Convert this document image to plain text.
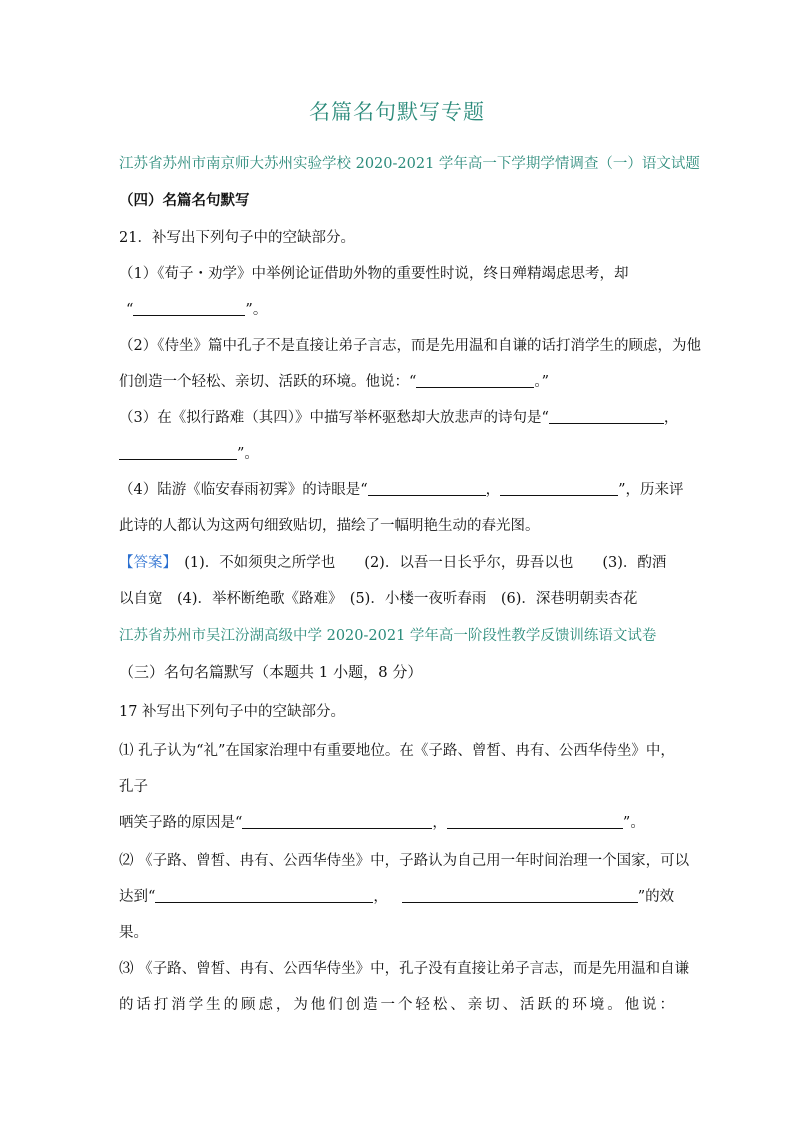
名篇名句默写专题
江苏省苏州市南京师大苏州实验学校 2020-2021 学年高一下学期学情调查（一）语文试题
（四）名篇名句默写
21．补写出下列句子中的空缺部分。
（1）《荀子・劝学》中举例论证借助外物的重要性时说，终日殚精竭虑思考，却
“	”。
（2）《侍坐》篇中孔子不是直接让弟子言志，而是先用温和自谦的话打消学生的顾虑，为他
们创造一个轻松、亲切、活跃的环境。他说：“	。”
（3）在《拟行路难（其四）》中描写举杯驱愁却大放悲声的诗句是“	，
”。
（4）陆游《临安春雨初霁》的诗眼是“	，	”，历来评
此诗的人都认为这两句细致贴切，描绘了一幅明艳生动的春光图。
【答案】　 (1)．不如须臾之所学也　　(2)．以吾一日长乎尔，毋吾以也　　(3)．酌酒
以自宽　(4)．举杯断绝歌《路难》　(5)．小楼一夜听春雨　(6)．深巷明朝卖杏花
江苏省苏州市吴江汾湖高级中学 2020-2021 学年高一阶段性教学反馈训练语文试卷
（三）名句名篇默写（本题共 1 小题，8 分）
17 补写出下列句子中的空缺部分。
⑴ 孔子认为“礼”在国家治理中有重要地位。在《子路、曾皙、冉有、公西华侍坐》中，
孔子
哂笑子路的原因是“	，	”。
⑵ 《子路、曾皙、冉有、公西华侍坐》中，子路认为自己用一年时间治理一个国家，可以
达到“	，	”的效
果。
⑶ 《子路、曾皙、冉有、公西华侍坐》中，孔子没有直接让弟子言志，而是先用温和自谦
的话打消学生的顾虑，为他们创造一个轻松、亲切、活跃的环境。他说：
